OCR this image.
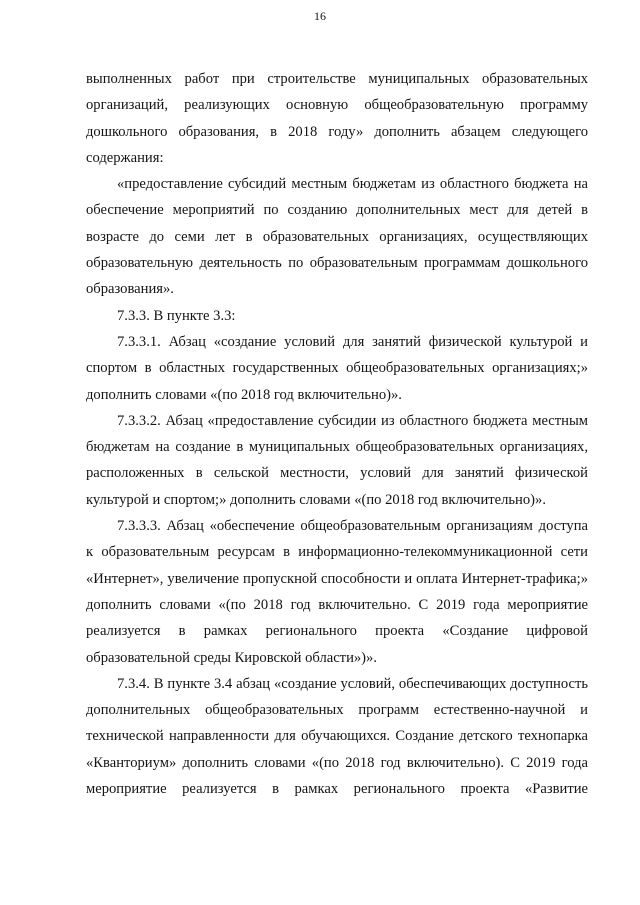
16

выполненных работ при строительстве муниципальных образовательных организаций, реализующих основную общеобразовательную программу дошкольного образования, в 2018 году» дополнить абзацем следующего содержания:

«предоставление субсидий местным бюджетам из областного бюджета на обеспечение мероприятий по созданию дополнительных мест для детей в возрасте до семи лет в образовательных организациях, осуществляющих образовательную деятельность по образовательным программам дошкольного образования».

7.3.3. В пункте 3.3:

7.3.3.1. Абзац «создание условий для занятий физической культурой и спортом в областных государственных общеобразовательных организациях;» дополнить словами «(по 2018 год включительно)».

7.3.3.2. Абзац «предоставление субсидии из областного бюджета местным бюджетам на создание в муниципальных общеобразовательных организациях, расположенных в сельской местности, условий для занятий физической культурой и спортом;» дополнить словами «(по 2018 год включительно)».

7.3.3.3. Абзац «обеспечение общеобразовательным организациям доступа к образовательным ресурсам в информационно-телекоммуникационной сети «Интернет», увеличение пропускной способности и оплата Интернет-трафика;» дополнить словами «(по 2018 год включительно. С 2019 года мероприятие реализуется в рамках регионального проекта «Создание цифровой образовательной среды Кировской области»)».

7.3.4. В пункте 3.4 абзац «создание условий, обеспечивающих доступность дополнительных общеобразовательных программ естественно-научной и технической направленности для обучающихся. Создание детского технопарка «Кванториум» дополнить словами «(по 2018 год включительно). С 2019 года мероприятие реализуется в рамках регионального проекта «Развитие
